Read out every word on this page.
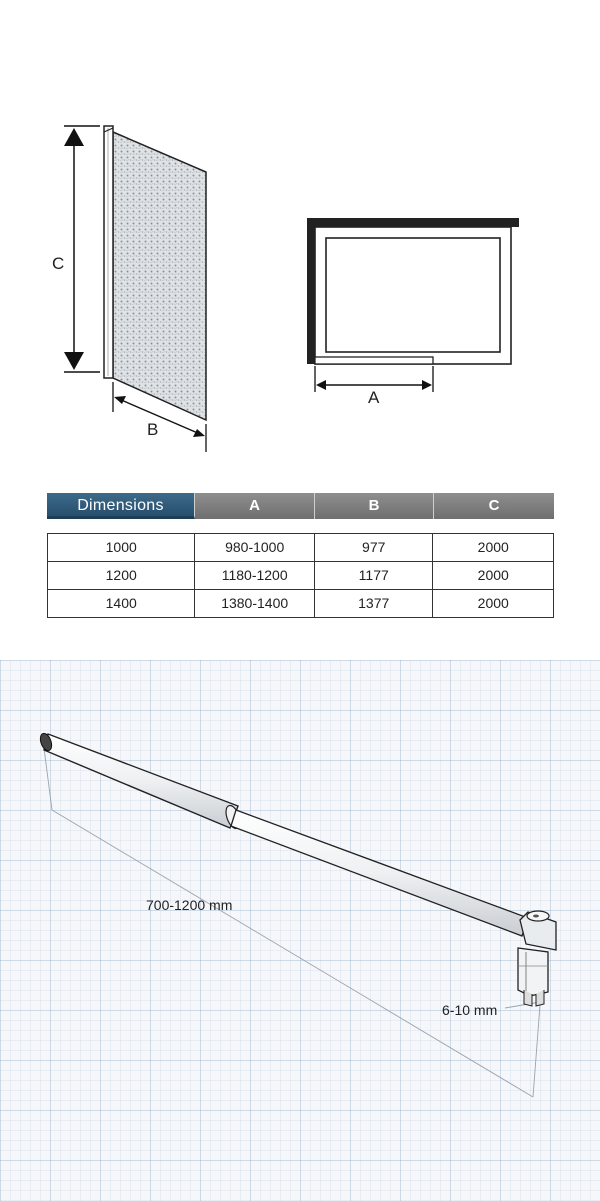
C
B
A
Dimensions	A	B	C
1000	980-1000	977	2000
1200	1180-1200	1177	2000
1400	1380-1400	1377	2000
700-1200 mm
6-10 mm
